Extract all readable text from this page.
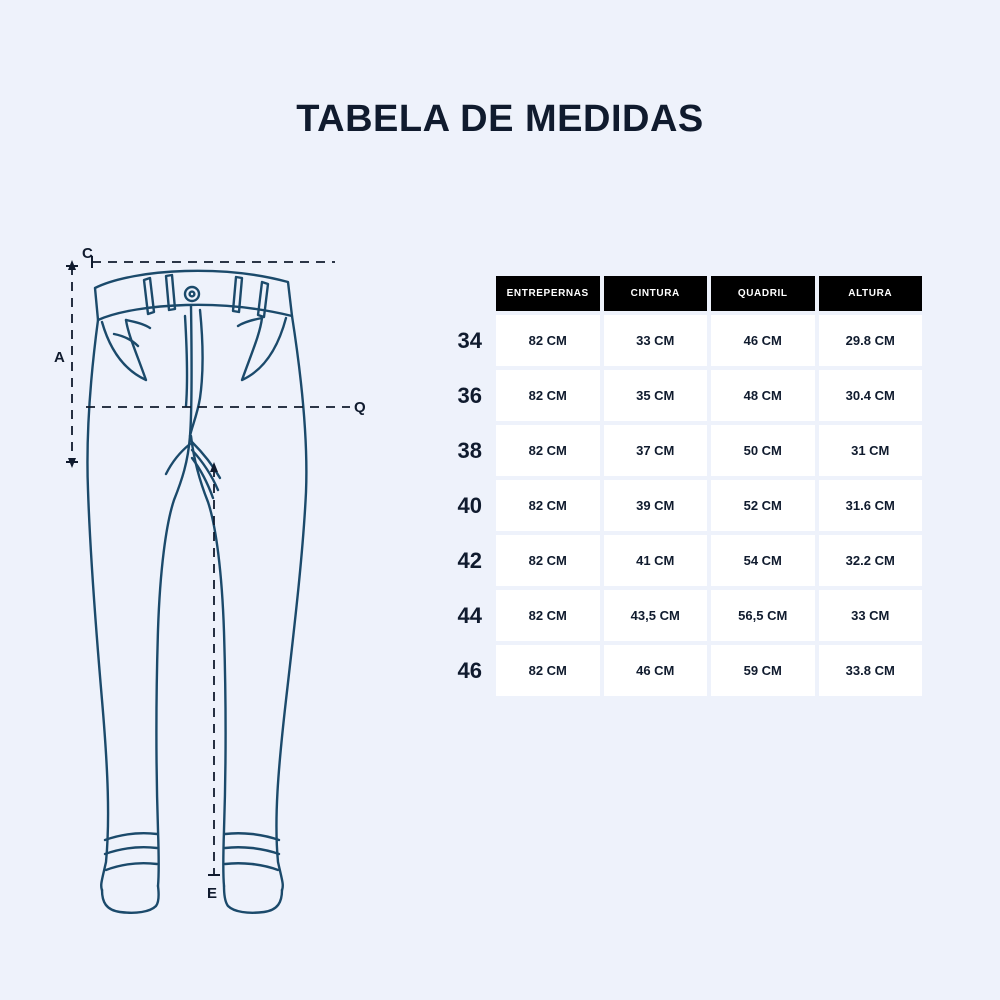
TABELA DE MEDIDAS
C
A
Q
E
	ENTREPERNAS	CINTURA	QUADRIL	ALTURA
34	82 CM	33 CM	46 CM	29.8 CM
36	82 CM	35 CM	48 CM	30.4 CM
38	82 CM	37 CM	50 CM	31 CM
40	82 CM	39 CM	52 CM	31.6 CM
42	82 CM	41 CM	54 CM	32.2 CM
44	82 CM	43,5 CM	56,5 CM	33 CM
46	82 CM	46 CM	59 CM	33.8 CM
